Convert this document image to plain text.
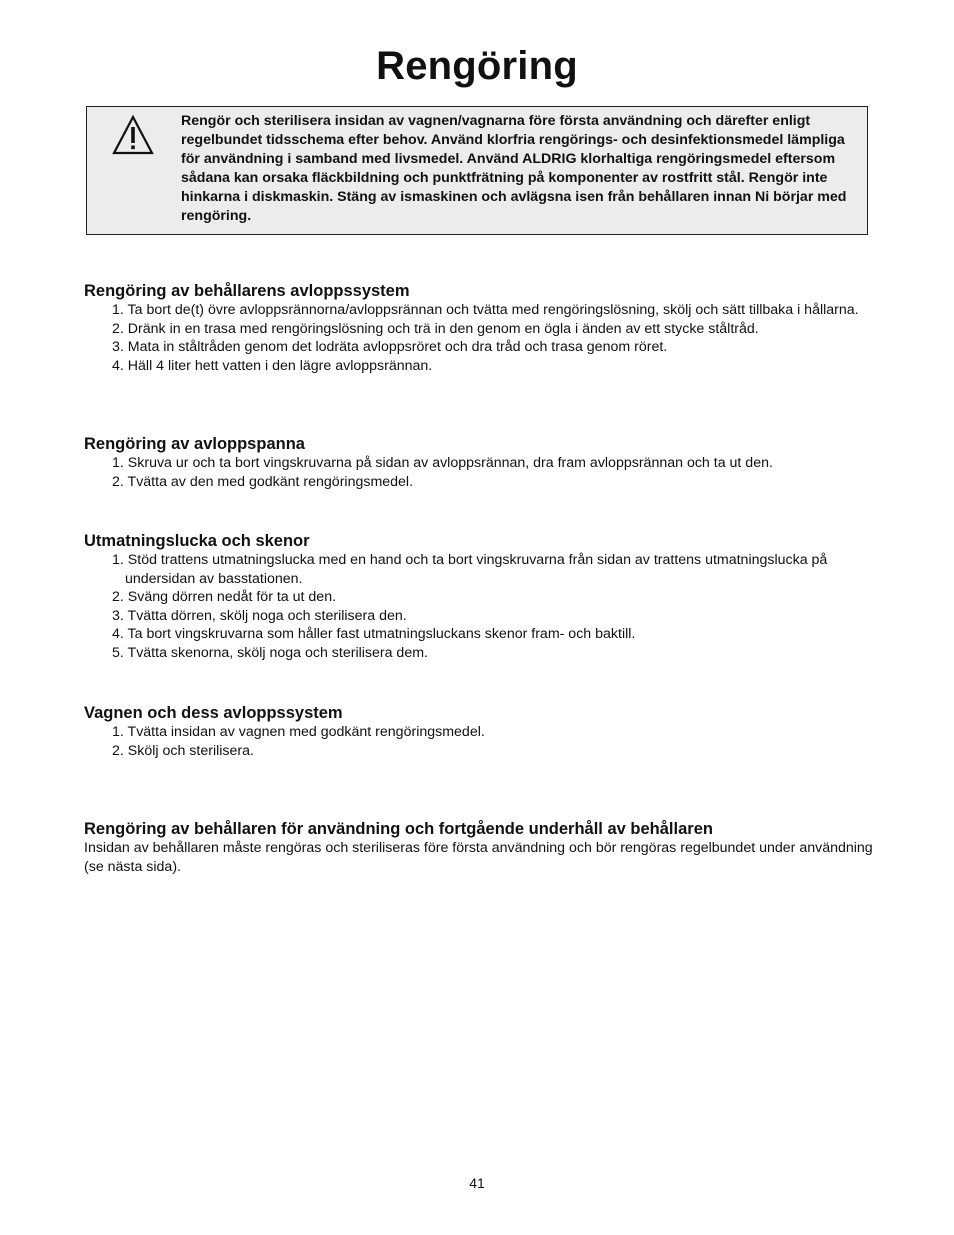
Rengöring

Rengör och sterilisera insidan av vagnen/vagnarna före första användning och därefter enligt regelbundet tidsschema efter behov. Använd klorfria rengörings- och desinfektionsmedel lämpliga för användning i samband med livsmedel. Använd ALDRIG klorhaltiga rengöringsmedel eftersom sådana kan orsaka fläckbildning och punktfrätning på komponenter av rostfritt stål. Rengör inte hinkarna i diskmaskin. Stäng av ismaskinen och avlägsna isen från behållaren innan Ni börjar med rengöring.

Rengöring av behållarens avloppssystem
1. Ta bort de(t) övre avloppsrännorna/avloppsrännan och tvätta med rengöringslösning, skölj och sätt tillbaka i hållarna.
2. Dränk in en trasa med rengöringslösning och trä in den genom en ögla i änden av ett stycke ståltråd.
3. Mata in ståltråden genom det lodräta avloppsröret och dra tråd och trasa genom röret.
4. Häll 4 liter hett vatten i den lägre avloppsrännan.
Rengöring av avloppspanna
1. Skruva ur och ta bort vingskruvarna på sidan av avloppsrännan, dra fram avloppsrännan och ta ut den.
2. Tvätta av den med godkänt rengöringsmedel.
Utmatningslucka och skenor
1. Stöd trattens utmatningslucka med en hand och ta bort vingskruvarna från sidan av trattens utmatningslucka på undersidan av basstationen.
2. Sväng dörren nedåt för ta ut den.
3. Tvätta dörren, skölj noga och sterilisera den.
4. Ta bort vingskruvarna som håller fast utmatningsluckans skenor fram- och baktill.
5. Tvätta skenorna, skölj noga och sterilisera dem.
Vagnen och dess avloppssystem
1. Tvätta insidan av vagnen med godkänt rengöringsmedel.
2. Skölj och sterilisera.
Rengöring av behållaren för användning och fortgående underhåll av behållaren

Insidan av behållaren måste rengöras och steriliseras före första användning och bör rengöras regelbundet under användning (se nästa sida).

41
